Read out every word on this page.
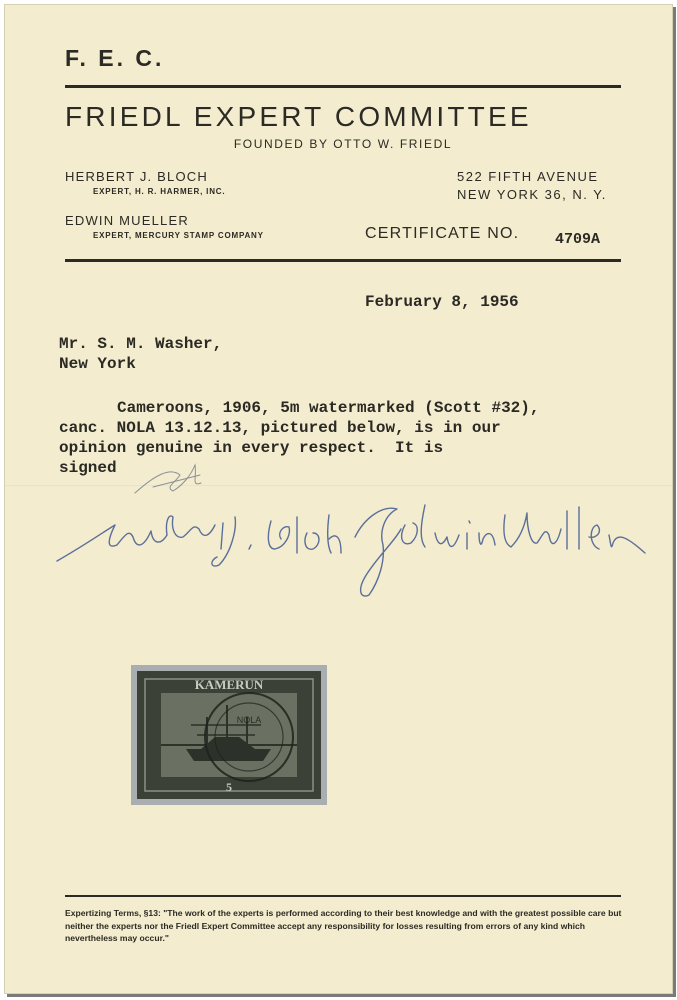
F. E. C.
FRIEDL EXPERT COMMITTEE
FOUNDED BY OTTO W. FRIEDL
HERBERT J. BLOCH
EXPERT, H. R. HARMER, INC.
EDWIN MUELLER
EXPERT, MERCURY STAMP COMPANY
522 FIFTH AVENUE
NEW YORK 36, N. Y.
CERTIFICATE NO. 4709A
February 8, 1956
Mr. S. M. Washer,
New York
Cameroons, 1906, 5m watermarked (Scott #32),
canc. NOLA 13.12.13, pictured below, is in our
opinion genuine in every respect.  It is
signed
KAMERUN
5
NOLA

Expertizing Terms, §13: "The work of the experts is performed according to their best knowledge and with the greatest possible care but neither the experts nor the Friedl Expert Committee accept any responsibility for losses resulting from errors of any kind which nevertheless may occur."
